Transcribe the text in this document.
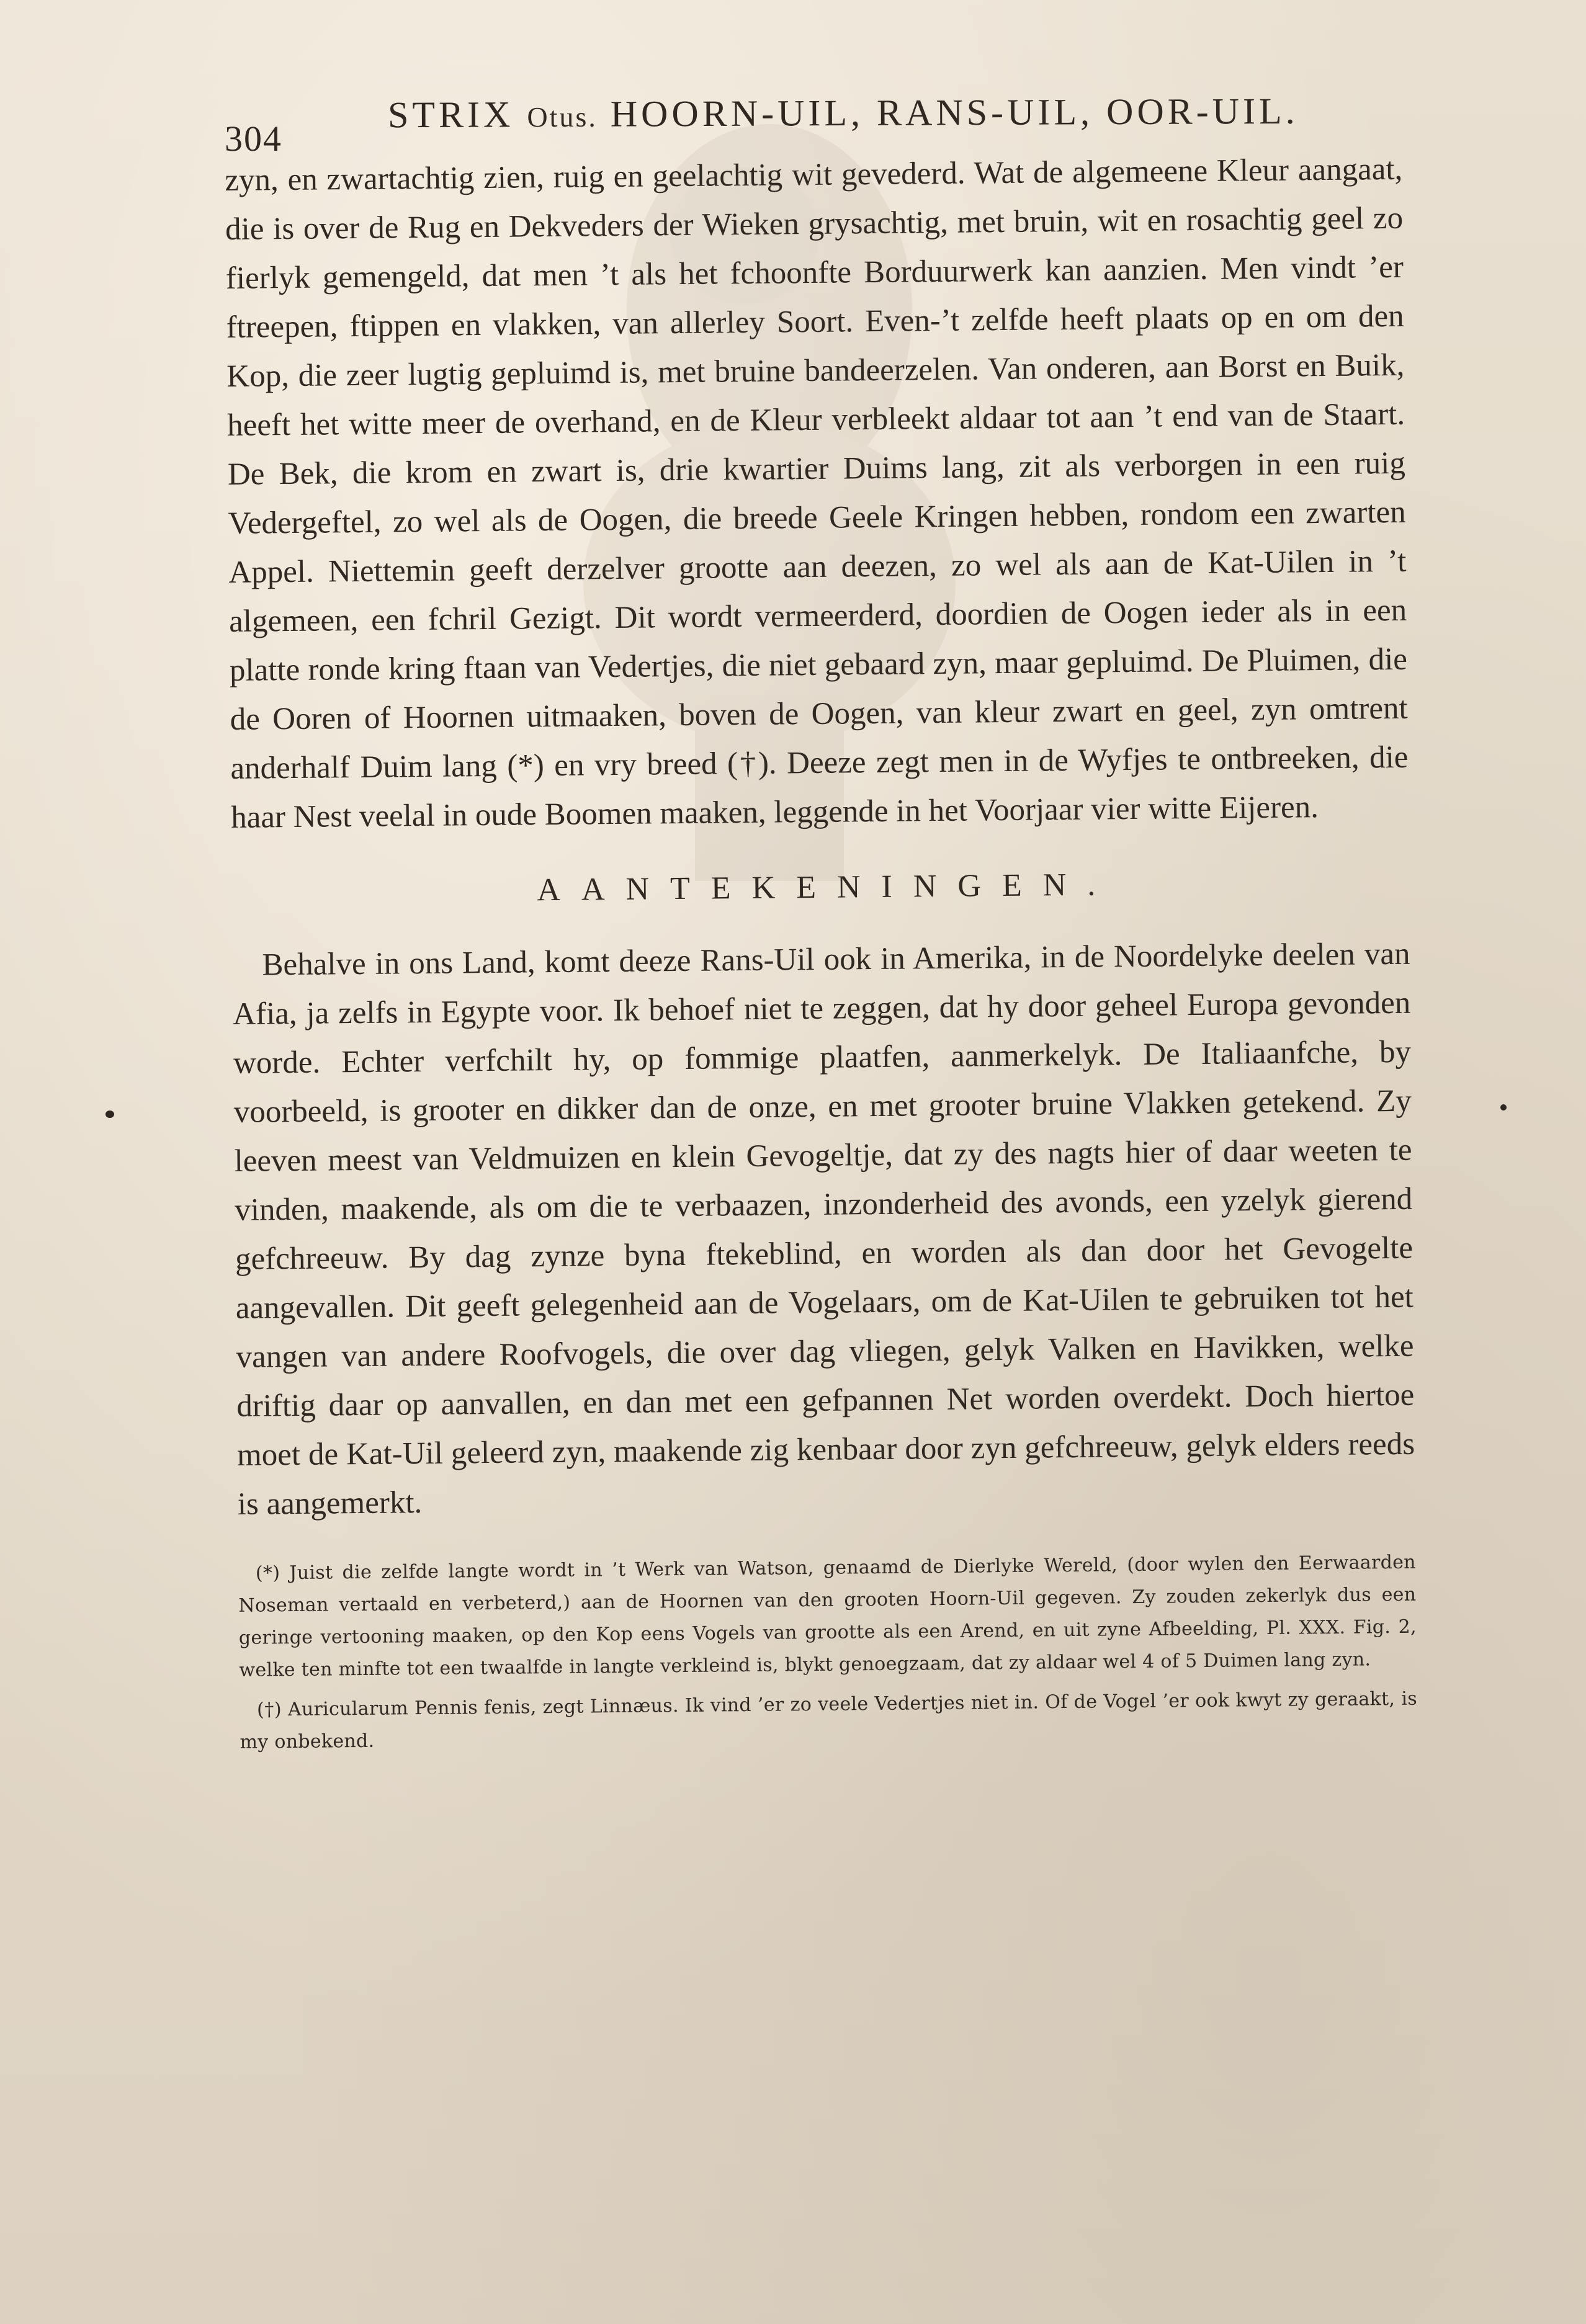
304
STRIX Otus. HOORN-UIL, RANS-UIL, OOR-UIL.

zyn, en zwartachtig zien, ruig en geelachtig wit gevederd. Wat de algemeene Kleur aangaat, die is over de Rug en Dekveders der Wieken grysachtig, met bruin, wit en rosachtig geel zo fierlyk gemengeld, dat men ’t als het fchoonfte Borduurwerk kan aanzien. Men vindt ’er ftreepen, ftippen en vlakken, van allerley Soort. Even-’t zelfde heeft plaats op en om den Kop, die zeer lugtig gepluimd is, met bruine bandeerzelen. Van onderen, aan Borst en Buik, heeft het witte meer de overhand, en de Kleur verbleekt aldaar tot aan ’t end van de Staart. De Bek, die krom en zwart is, drie kwartier Duims lang, zit als verborgen in een ruig Vedergeftel, zo wel als de Oogen, die breede Geele Kringen hebben, rondom een zwarten Appel. Niettemin geeft derzelver grootte aan deezen, zo wel als aan de Kat-Uilen in ’t algemeen, een fchril Gezigt. Dit wordt vermeerderd, doordien de Oogen ieder als in een platte ronde kring ftaan van Vedertjes, die niet gebaard zyn, maar gepluimd. De Pluimen, die de Ooren of Hoornen uitmaaken, boven de Oogen, van kleur zwart en geel, zyn omtrent anderhalf Duim lang (*) en vry breed (†). Deeze zegt men in de Wyfjes te ontbreeken, die haar Nest veelal in oude Boomen maaken, leggende in het Voorjaar vier witte Eijeren.

AANTEKENINGEN.

Behalve in ons Land, komt deeze Rans-Uil ook in Amerika, in de Noordelyke deelen van Afia, ja zelfs in Egypte voor. Ik behoef niet te zeggen, dat hy door geheel Europa gevonden worde. Echter verfchilt hy, op fommige plaatfen, aanmerkelyk. De Italiaanfche, by voorbeeld, is grooter en dikker dan de onze, en met grooter bruine Vlakken getekend. Zy leeven meest van Veldmuizen en klein Gevogeltje, dat zy des nagts hier of daar weeten te vinden, maakende, als om die te verbaazen, inzonderheid des avonds, een yzelyk gierend gefchreeuw. By dag zynze byna ftekeblind, en worden als dan door het Gevogelte aangevallen. Dit geeft gelegenheid aan de Vogelaars, om de Kat-Uilen te gebruiken tot het vangen van andere Roofvogels, die over dag vliegen, gelyk Valken en Havikken, welke driftig daar op aanvallen, en dan met een gefpannen Net worden overdekt. Doch hiertoe moet de Kat-Uil geleerd zyn, maakende zig kenbaar door zyn gefchreeuw, gelyk elders reeds is aangemerkt.

(*) Juist die zelfde langte wordt in ’t Werk van Watson, genaamd de Dierlyke Wereld, (door wylen den Eerwaarden Noseman vertaald en verbeterd,) aan de Hoornen van den grooten Hoorn-Uil gegeven. Zy zouden zekerlyk dus een geringe vertooning maaken, op den Kop eens Vogels van grootte als een Arend, en uit zyne Afbeelding, Pl. XXX. Fig. 2, welke ten minfte tot een twaalfde in langte verkleind is, blykt genoegzaam, dat zy aldaar wel 4 of 5 Duimen lang zyn.

(†) Auricularum Pennis fenis, zegt Linnæus. Ik vind ’er zo veele Vedertjes niet in. Of de Vogel ’er ook kwyt zy geraakt, is my onbekend.
